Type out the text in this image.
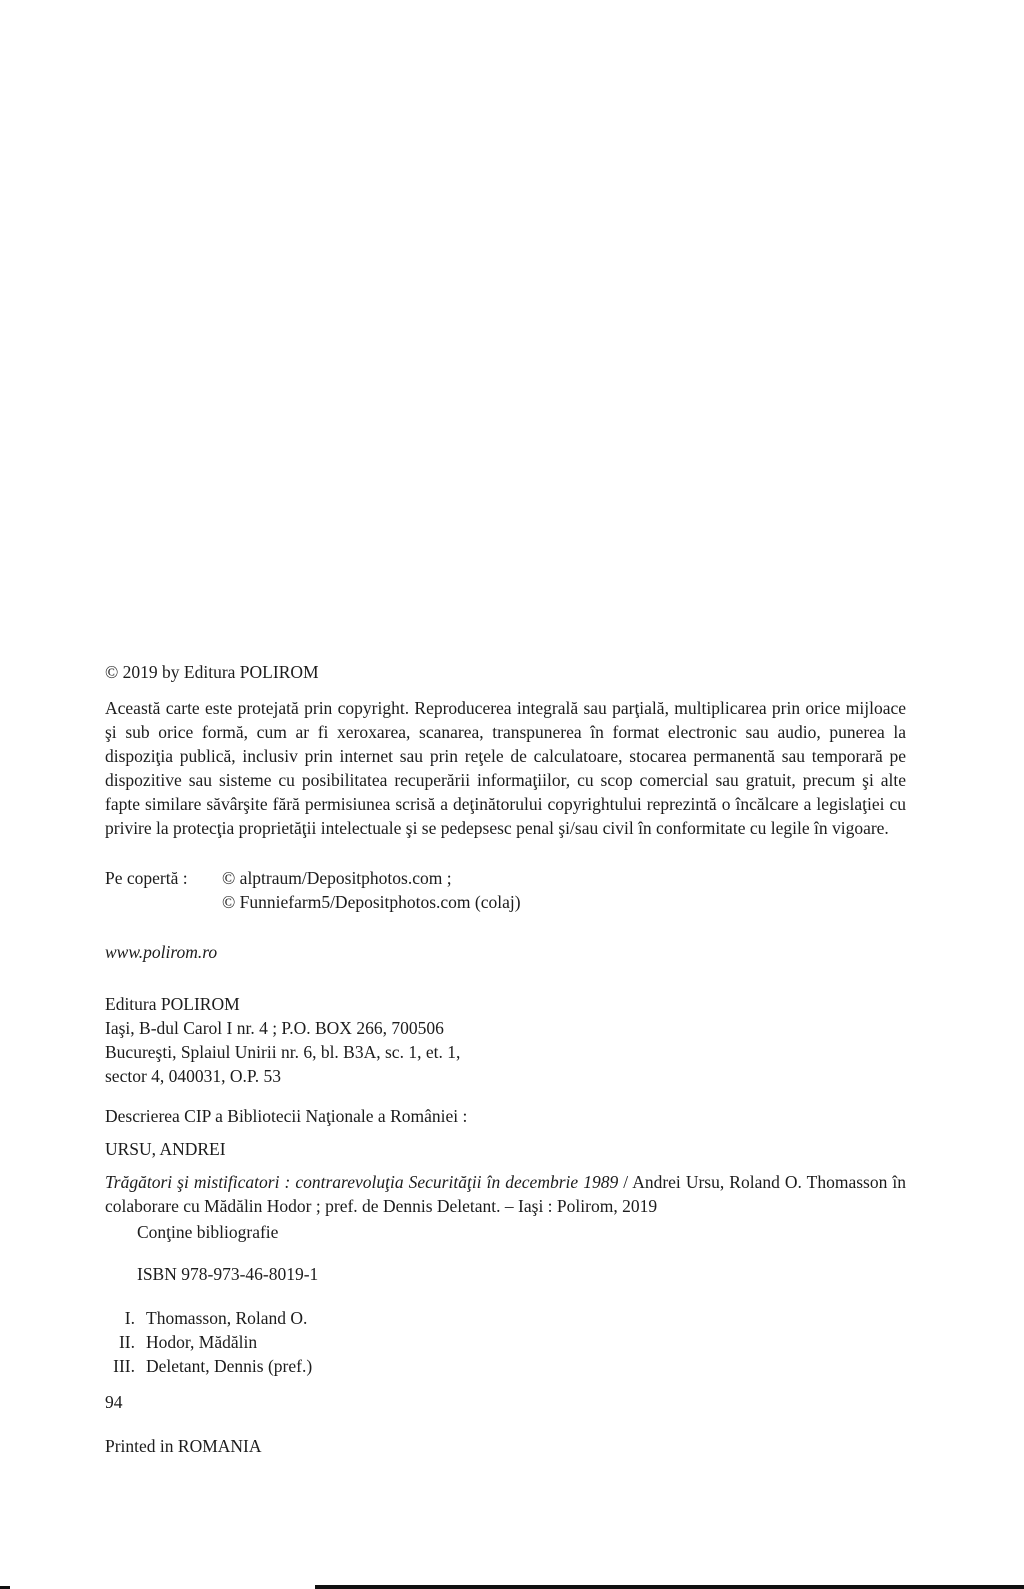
© 2019 by Editura POLIROM
Această carte este protejată prin copyright. Reproducerea integrală sau parţială, multiplicarea prin orice mijloace şi sub orice formă, cum ar fi xeroxarea, scanarea, transpunerea în format electronic sau audio, punerea la dispoziţia publică, inclusiv prin internet sau prin reţele de calculatoare, stocarea permanentă sau temporară pe dispozitive sau sisteme cu posibilitatea recuperării informaţiilor, cu scop comercial sau gratuit, precum şi alte fapte similare săvârşite fără permisiunea scrisă a deţinătorului copyrightului reprezintă o încălcare a legislaţiei cu privire la protecţia proprietăţii intelectuale şi se pedepsesc penal şi/sau civil în conformitate cu legile în vigoare.
Pe copertă :	© alptraum/Depositphotos.com ;
© Funniefarm5/Depositphotos.com (colaj)
www.polirom.ro
Editura POLIROM
Iaşi, B-dul Carol I nr. 4 ; P.O. BOX 266, 700506
Bucureşti, Splaiul Unirii nr. 6, bl. B3A, sc. 1, et. 1,
sector 4, 040031, O.P. 53
Descrierea CIP a Bibliotecii Naţionale a României :
URSU, ANDREI
Trăgători şi mistificatori : contrarevoluţia Securităţii în decembrie 1989 / Andrei Ursu, Roland O. Thomasson în colaborare cu Mădălin Hodor ; pref. de Dennis Deletant. – Iaşi : Polirom, 2019
Conţine bibliografie
ISBN 978-973-46-8019-1
I. Thomasson, Roland O.
II. Hodor, Mădălin
III. Deletant, Dennis (pref.)
94
Printed in ROMANIA
